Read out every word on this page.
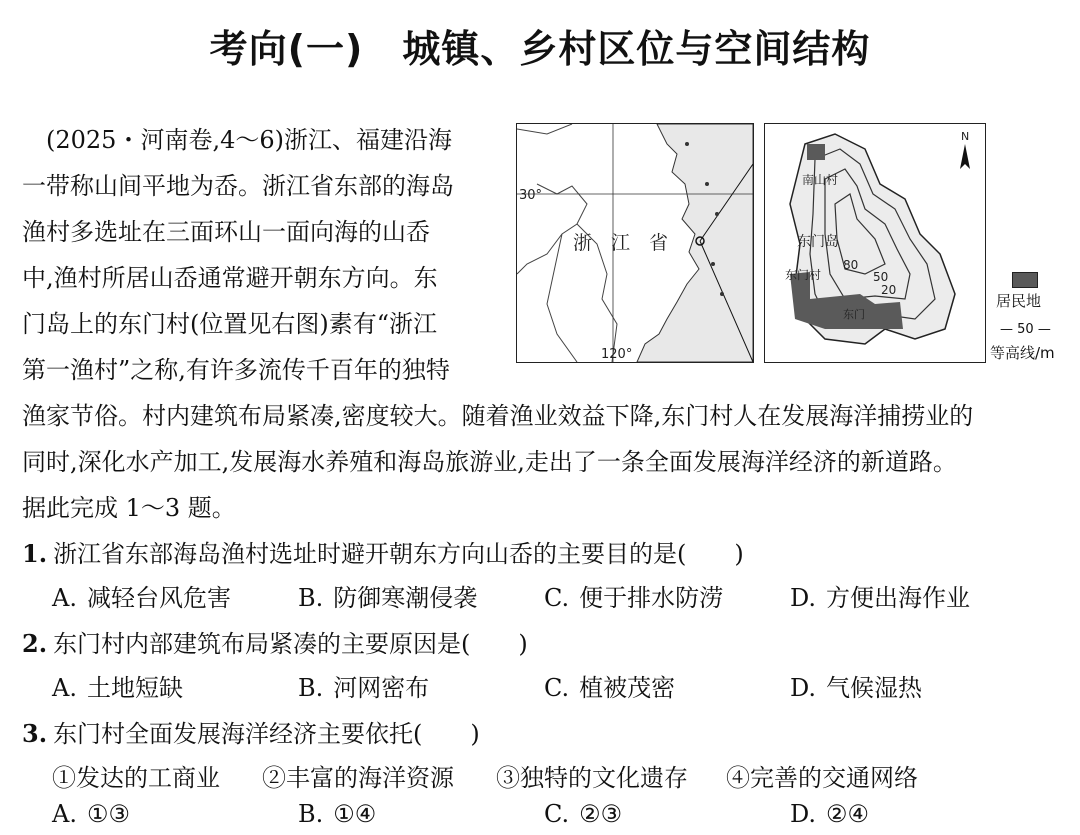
考向(一)　城镇、乡村区位与空间结构

　(2025・河南卷,4～6)浙江、福建沿海

一带称山间平地为岙。浙江省东部的海岛

渔村多选址在三面环山一面向海的山岙

中,渔村所居山岙通常避开朝东方向。东

门岛上的东门村(位置见右图)素有“浙江

第一渔村”之称,有许多流传千百年的独特

渔家节俗。村内建筑布局紧凑,密度较大。随着渔业效益下降,东门村人在发展海洋捕捞业的

同时,深化水产加工,发展海水养殖和海岛旅游业,走出了一条全面发展海洋经济的新道路。

据此完成 1～3 题。

30°
120°
浙　江　省
N
南山村
东门岛
东门村
东门
80
50
20
居民地
— 50 —
等高线/m

1. 浙江省东部海岛渔村选址时避开朝东方向山岙的主要目的是(　　)

A. 减轻台风危害	B. 防御寒潮侵袭	C. 便于排水防涝	D. 方便出海作业

2. 东门村内部建筑布局紧凑的主要原因是(　　)

A. 土地短缺	B. 河网密布	C. 植被茂密	D. 气候湿热

3. 东门村全面发展海洋经济主要依托(　　)

①发达的工商业 ②丰富的海洋资源 ③独特的文化遗存 ④完善的交通网络
A. ①③	B. ①④	C. ②③	D. ②④
